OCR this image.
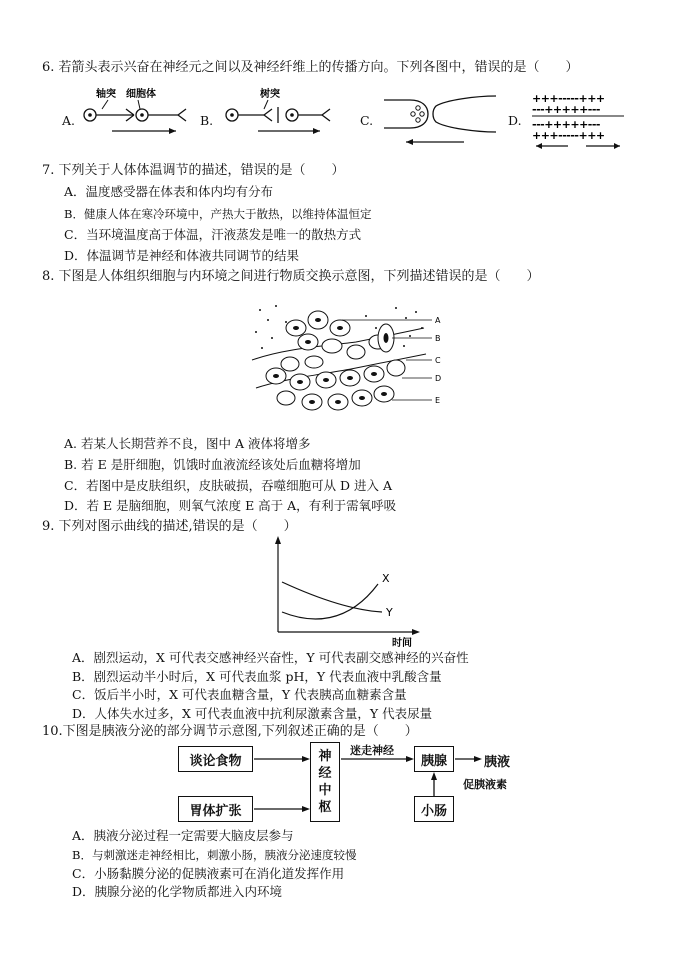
6. 若箭头表示兴奋在神经元之间以及神经纤维上的传播方向。下列各图中，错误的是（　　）
A.	B.	C.	D.
轴突 细胞体	树突	+++-----+++
---+++++---
---+++++---
+++-----+++
7. 下列关于人体体温调节的描述，错误的是（　　）
A．温度感受器在体表和体内均有分布
B．健康人体在寒冷环境中，产热大于散热，以维持体温恒定
C．当环境温度高于体温，汗液蒸发是唯一的散热方式
D．体温调节是神经和体液共同调节的结果
8. 下图是人体组织细胞与内环境之间进行物质交换示意图，下列描述错误的是（　　）
A
B
C
D
E
A. 若某人长期营养不良，图中 A 液体将增多
B. 若 E 是肝细胞，饥饿时血液流经该处后血糖将增加
C．若图中是皮肤组织，皮肤破损，吞噬细胞可从 D 进入 A
D．若 E 是脑细胞，则氧气浓度 E 高于 A，有利于需氧呼吸
9. 下列对图示曲线的描述,错误的是（　　）
X
Y
时间
A．剧烈运动，X 可代表交感神经兴奋性，Y 可代表副交感神经的兴奋性
B．剧烈运动半小时后，X 可代表血浆 pH，Y 代表血液中乳酸含量
C．饭后半小时，X 可代表血糖含量，Y 代表胰高血糖素含量
D．人体失水过多，X 可代表血液中抗利尿激素含量，Y 代表尿量
10.下图是胰液分泌的部分调节示意图,下列叙述正确的是（　　）
谈论食物
胃体扩张
神
经
中
枢
胰腺
小肠
迷走神经
促胰液素
胰液
A．胰液分泌过程一定需要大脑皮层参与
B．与刺激迷走神经相比，刺激小肠，胰液分泌速度较慢
C．小肠黏膜分泌的促胰液素可在消化道发挥作用
D．胰腺分泌的化学物质都进入内环境
